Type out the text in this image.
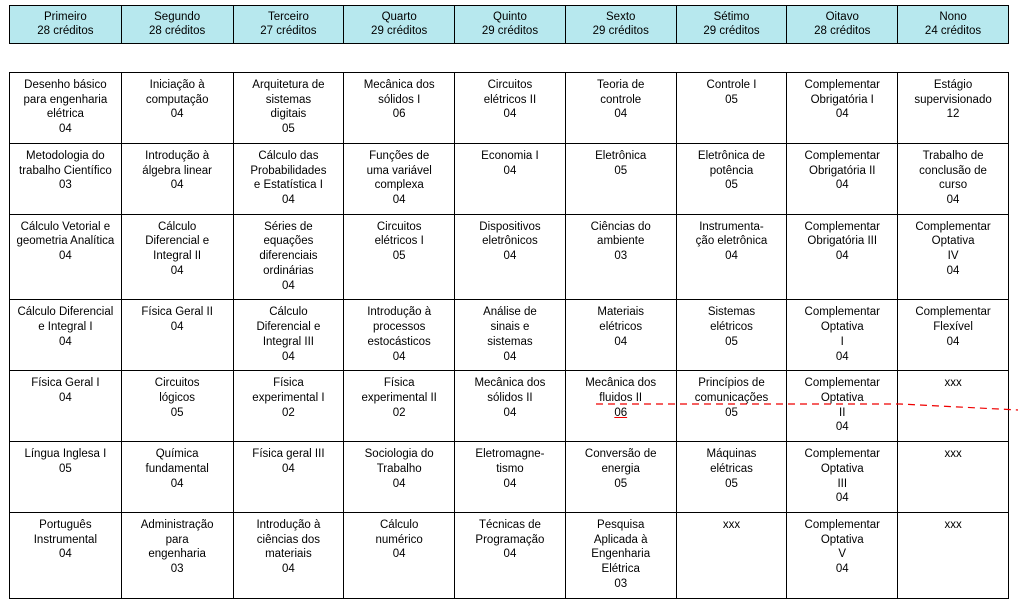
Primeiro
28 créditos

Segundo
28 créditos

Terceiro
27 créditos

Quarto
29 créditos

Quinto
29 créditos

Sexto
29 créditos

Sétimo
29 créditos

Oitavo
28 créditos

Nono
24 créditos
Desenho básico
para engenharia
elétrica
04	Iniciação à
computação
04	Arquitetura de
sistemas
digitais
05	Mecânica dos
sólidos I
06	Circuitos
elétricos II
04	Teoria de
controle
04	Controle I
05	Complementar
Obrigatória I
04	Estágio
supervisionado
12

Metodologia do
trabalho Científico
03	Introdução à
álgebra linear
04	Cálculo das
Probabilidades
e Estatística I
04	Funções de
uma variável
complexa
04	Economia I
04	Eletrônica
05	Eletrônica de
potência
05	Complementar
Obrigatória II
04	Trabalho de
conclusão de
curso
04

Cálculo Vetorial e
geometria Analítica
04	Cálculo
Diferencial e
Integral II
04	Séries de
equações
diferenciais
ordinárias
04	Circuitos
elétricos I
05	Dispositivos
eletrônicos
04	Ciências do
ambiente
03	Instrumenta-
ção eletrônica
04	Complementar
Obrigatória III
04	Complementar
Optativa
IV
04

Cálculo Diferencial
e Integral I
04	Física Geral II
04	Cálculo
Diferencial e
Integral III
04	Introdução à
processos
estocásticos
04	Análise de
sinais e
sistemas
04	Materiais
elétricos
04	Sistemas
elétricos
05	Complementar
Optativa
I
04	Complementar
Flexível
04

Física Geral I
04	Circuitos
lógicos
05	Física
experimental I
02	Física
experimental II
02	Mecânica dos
sólidos II
04	Mecânica dos
fluidos II
06	Princípios de
comunicações
05	Complementar
Optativa
II
04	xxx

Língua Inglesa I
05	Química
fundamental
04	Física geral III
04	Sociologia do
Trabalho
04	Eletromagne-
tismo
04	Conversão de
energia
05	Máquinas
elétricas
05	Complementar
Optativa
III
04	xxx

Português
Instrumental
04	Administração
para
engenharia
03	Introdução à
ciências dos
materiais
04	Cálculo
numérico
04	Técnicas de
Programação
04	Pesquisa
Aplicada à
Engenharia
Elétrica
03	xxx	Complementar
Optativa
V
04	xxx
